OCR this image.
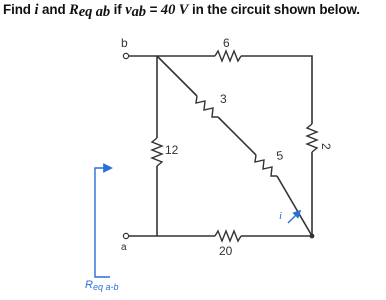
Find i and $R_{eq ab}$ if $v_{ab} = 40$ V in the circuit shown below.
b	6
2
12
3
5
20
a
i
Req a-b
